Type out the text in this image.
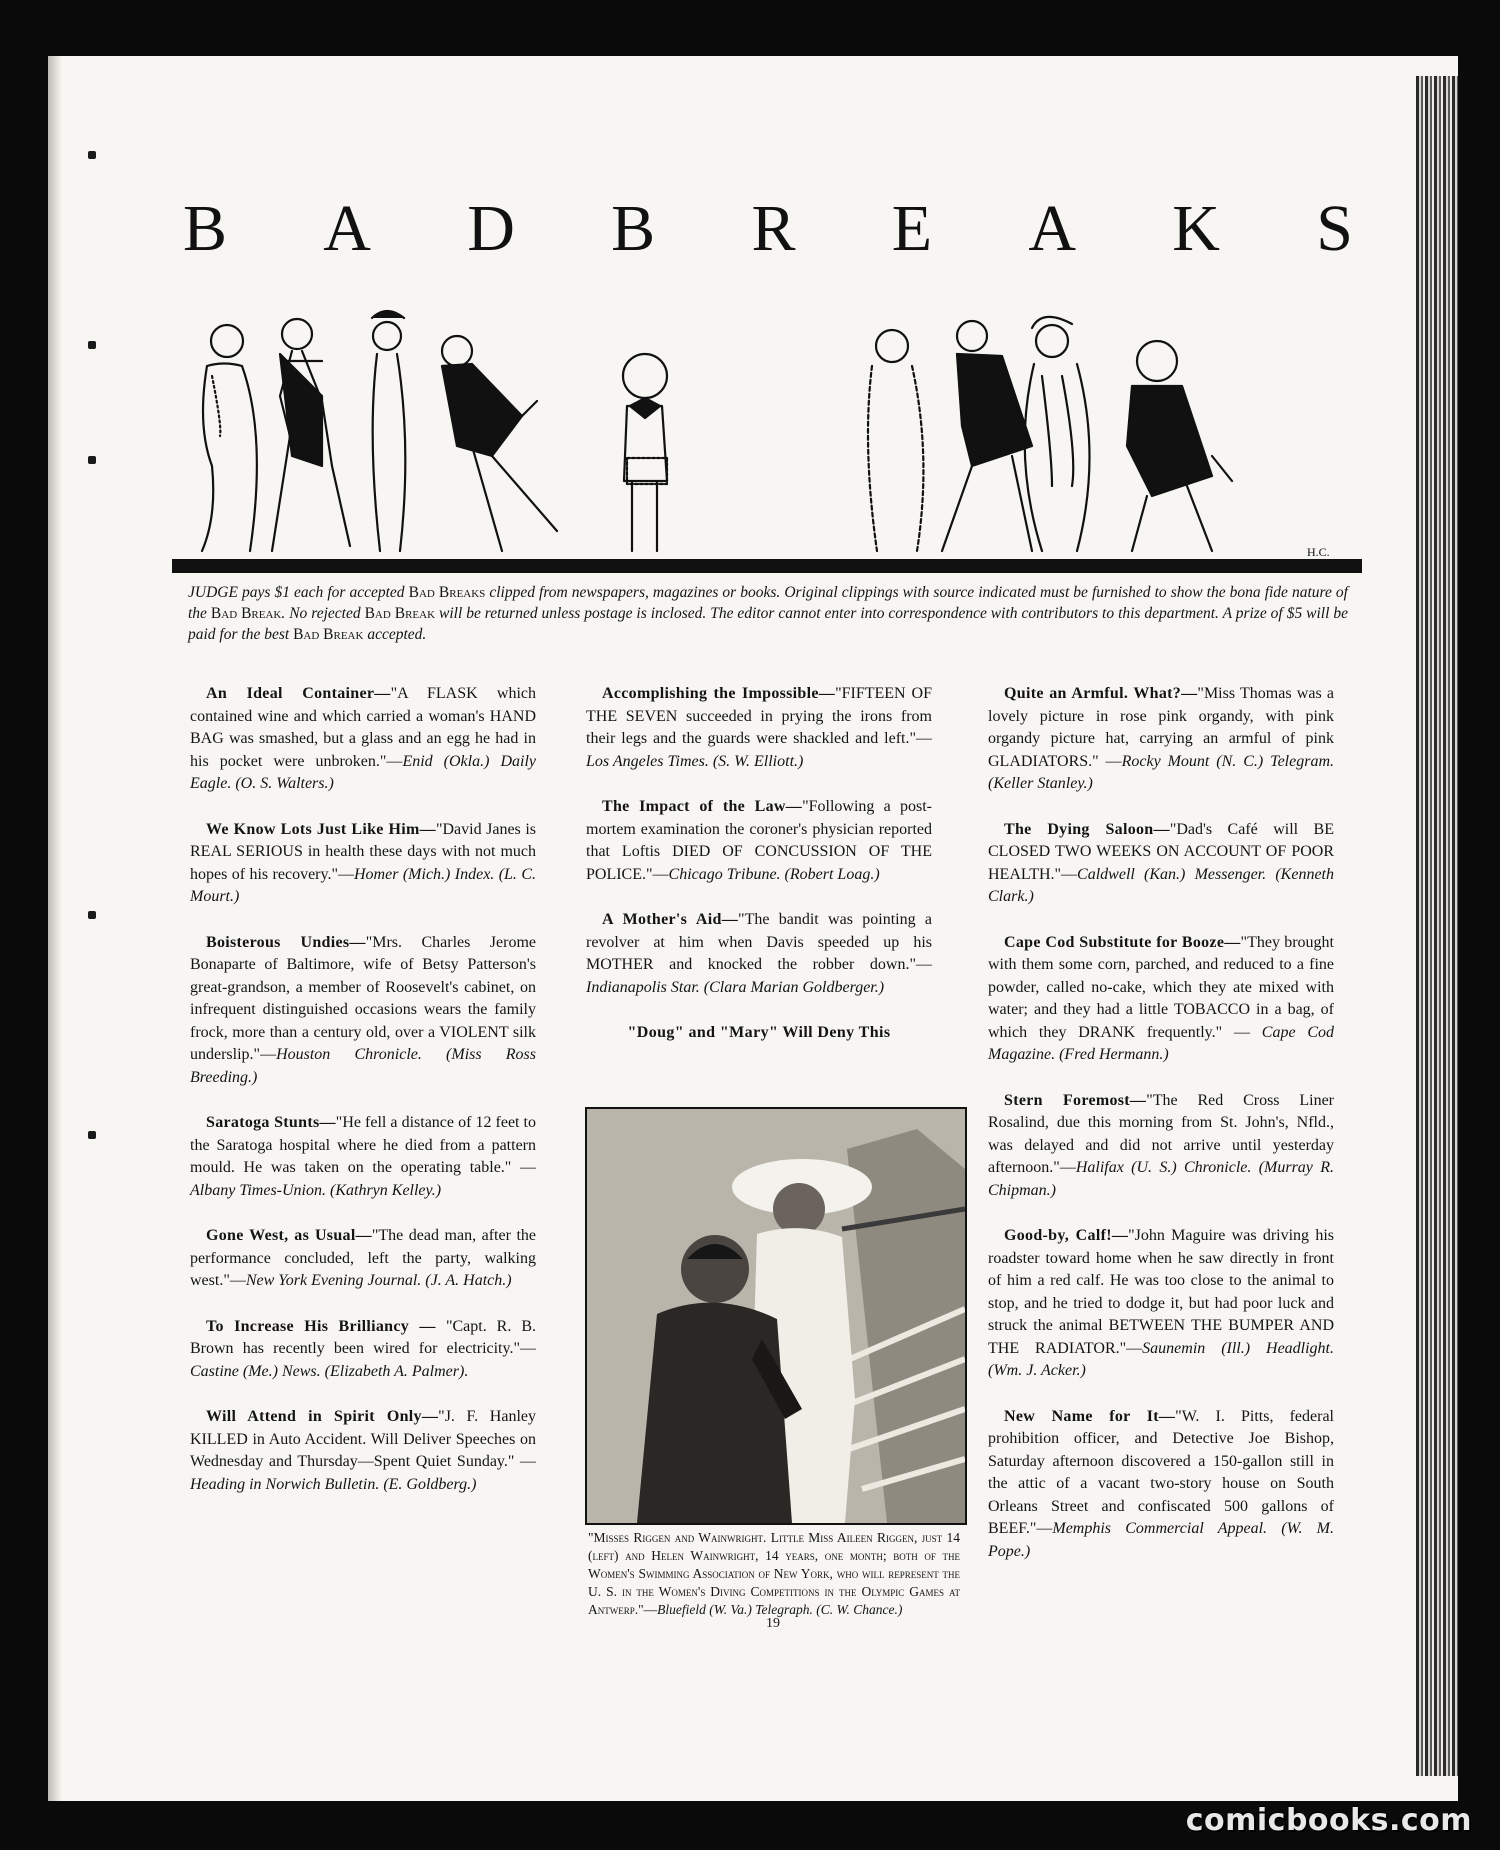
B A D B R E A K S
H.C.

JUDGE pays $1 each for accepted Bad Breaks clipped from newspapers, magazines or books. Original clippings with source indicated must be furnished to show the bona fide nature of the Bad Break. No rejected Bad Break will be returned unless postage is inclosed. The editor cannot enter into correspondence with contributors to this department. A prize of $5 will be paid for the best Bad Break accepted.

An Ideal Container—"A FLASK which contained wine and which carried a woman's HAND BAG was smashed, but a glass and an egg he had in his pocket were unbroken."—Enid (Okla.) Daily Eagle. (O. S. Walters.)

We Know Lots Just Like Him—"David Janes is REAL SERIOUS in health these days with not much hopes of his recovery."—Homer (Mich.) Index. (L. C. Mourt.)

Boisterous Undies—"Mrs. Charles Jerome Bonaparte of Baltimore, wife of Betsy Patterson's great-grandson, a member of Roosevelt's cabinet, on infrequent distinguished occasions wears the family frock, more than a century old, over a VIOLENT silk underslip."—Houston Chronicle. (Miss Ross Breeding.)

Saratoga Stunts—"He fell a distance of 12 feet to the Saratoga hospital where he died from a pattern mould. He was taken on the operating table." — Albany Times-Union. (Kathryn Kelley.)

Gone West, as Usual—"The dead man, after the performance concluded, left the party, walking west."—New York Evening Journal. (J. A. Hatch.)

To Increase His Brilliancy — "Capt. R. B. Brown has recently been wired for electricity."—Castine (Me.) News. (Elizabeth A. Palmer).

Will Attend in Spirit Only—"J. F. Hanley KILLED in Auto Accident. Will Deliver Speeches on Wednesday and Thursday—Spent Quiet Sunday." —Heading in Norwich Bulletin. (E. Goldberg.)

Accomplishing the Impossible—"FIFTEEN OF THE SEVEN succeeded in prying the irons from their legs and the guards were shackled and left."—Los Angeles Times. (S. W. Elliott.)

The Impact of the Law—"Following a post-mortem examination the coroner's physician reported that Loftis DIED OF CONCUSSION OF THE POLICE."—Chicago Tribune. (Robert Loag.)

A Mother's Aid—"The bandit was pointing a revolver at him when Davis speeded up his MOTHER and knocked the robber down."—Indianapolis Star. (Clara Marian Goldberger.)

"Doug" and "Mary" Will Deny This

"Misses Riggen and Wainwright. Little Miss Aileen Riggen, just 14 (left) and Helen Wainwright, 14 years, one month; both of the Women's Swimming Association of New York, who will represent the U. S. in the Women's Diving Competitions in the Olympic Games at Antwerp."—Bluefield (W. Va.) Telegraph. (C. W. Chance.)

Quite an Armful. What?—"Miss Thomas was a lovely picture in rose pink organdy, with pink organdy picture hat, carrying an armful of pink GLADIATORS." —Rocky Mount (N. C.) Telegram. (Keller Stanley.)

The Dying Saloon—"Dad's Café will BE CLOSED TWO WEEKS ON ACCOUNT OF POOR HEALTH."—Caldwell (Kan.) Messenger. (Kenneth Clark.)

Cape Cod Substitute for Booze—"They brought with them some corn, parched, and reduced to a fine powder, called no-cake, which they ate mixed with water; and they had a little TOBACCO in a bag, of which they DRANK frequently." — Cape Cod Magazine. (Fred Hermann.)

Stern Foremost—"The Red Cross Liner Rosalind, due this morning from St. John's, Nfld., was delayed and did not arrive until yesterday afternoon."—Halifax (U. S.) Chronicle. (Murray R. Chipman.)

Good-by, Calf!—"John Maguire was driving his roadster toward home when he saw directly in front of him a red calf. He was too close to the animal to stop, and he tried to dodge it, but had poor luck and struck the animal BETWEEN THE BUMPER AND THE RADIATOR."—Saunemin (Ill.) Headlight. (Wm. J. Acker.)

New Name for It—"W. I. Pitts, federal prohibition officer, and Detective Joe Bishop, Saturday afternoon discovered a 150-gallon still in the attic of a vacant two-story house on South Orleans Street and confiscated 500 gallons of BEEF."—Memphis Commercial Appeal. (W. M. Pope.)

19

comicbooks.com
